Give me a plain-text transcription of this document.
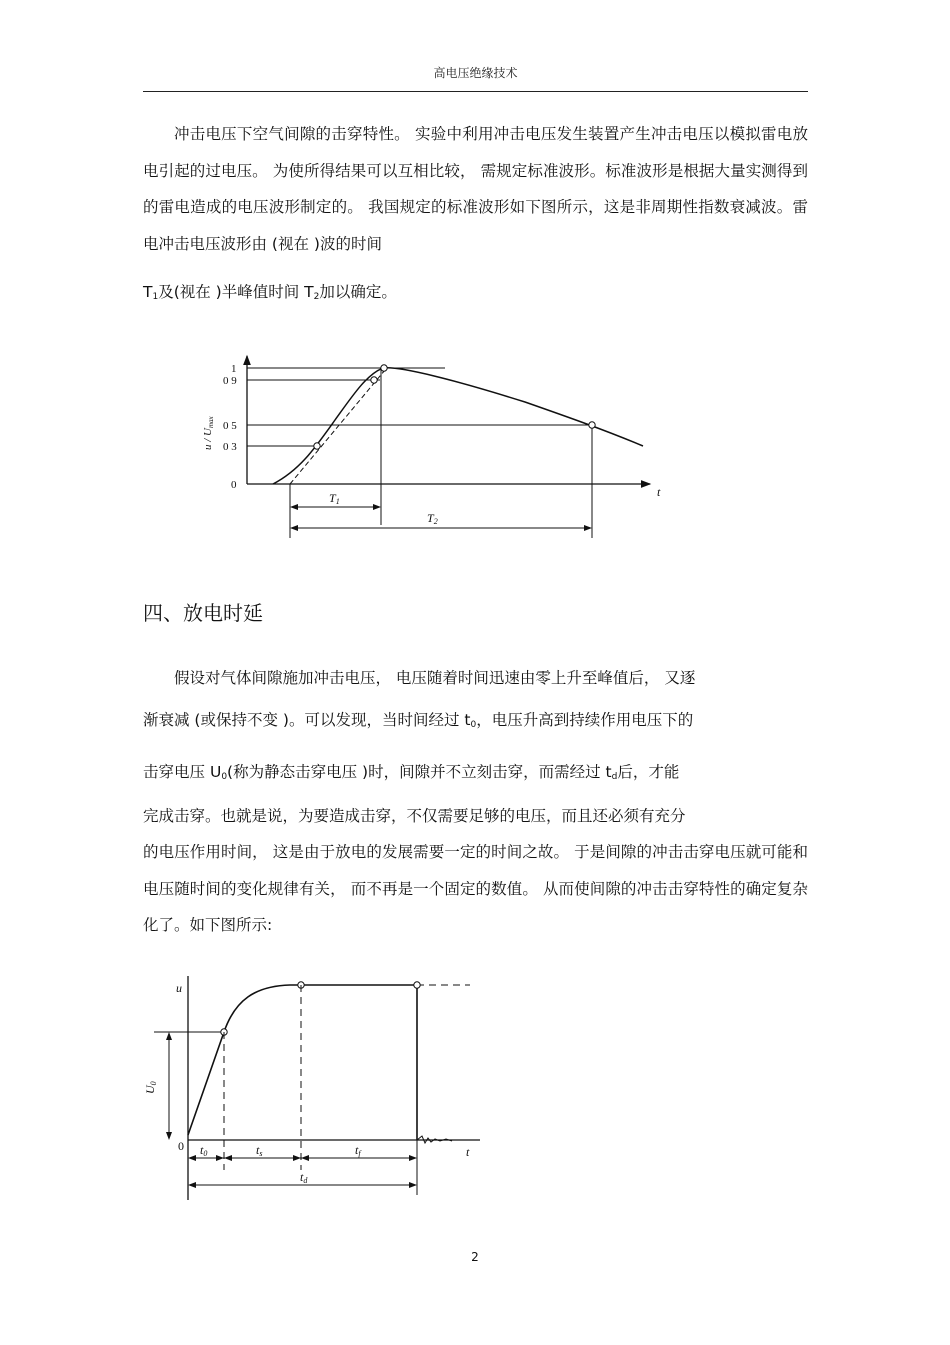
高电压绝缘技术

冲击电压下空气间隙的击穿特性。 实验中利用冲击电压发生装置产生冲击电压以模拟雷电放电引起的过电压。 为使所得结果可以互相比较， 需规定标准波形。标准波形是根据大量实测得到的雷电造成的电压波形制定的。 我国规定的标准波形如下图所示，这是非周期性指数衰减波。雷电冲击电压波形由 (视在 )波的时间

$T_1$及(视在 )半峰值时间 $T_2$加以确定。
1
0 9
0 5
0 3
0
u / Umax
t
T1
T2
四、放电时延
假设对气体间隙施加冲击电压， 电压随着时间迅速由零上升至峰值后， 又逐
渐衰减 (或保持不变 )。可以发现，当时间经过 $t_0$，电压升高到持续作用电压下的
击穿电压 $U_0$(称为静态击穿电压 )时，间隙并不立刻击穿，而需经过 $t_d$后，才能
完成击穿。也就是说，为要造成击穿，不仅需要足够的电压，而且还必须有充分

的电压作用时间， 这是由于放电的发展需要一定的时间之故。 于是间隙的冲击击穿电压就可能和电压随时间的变化规律有关， 而不再是一个固定的数值。 从而使间隙的冲击击穿特性的确定复杂化了。如下图所示:

u
0	t
U0
t0	ts	tf
td
2
